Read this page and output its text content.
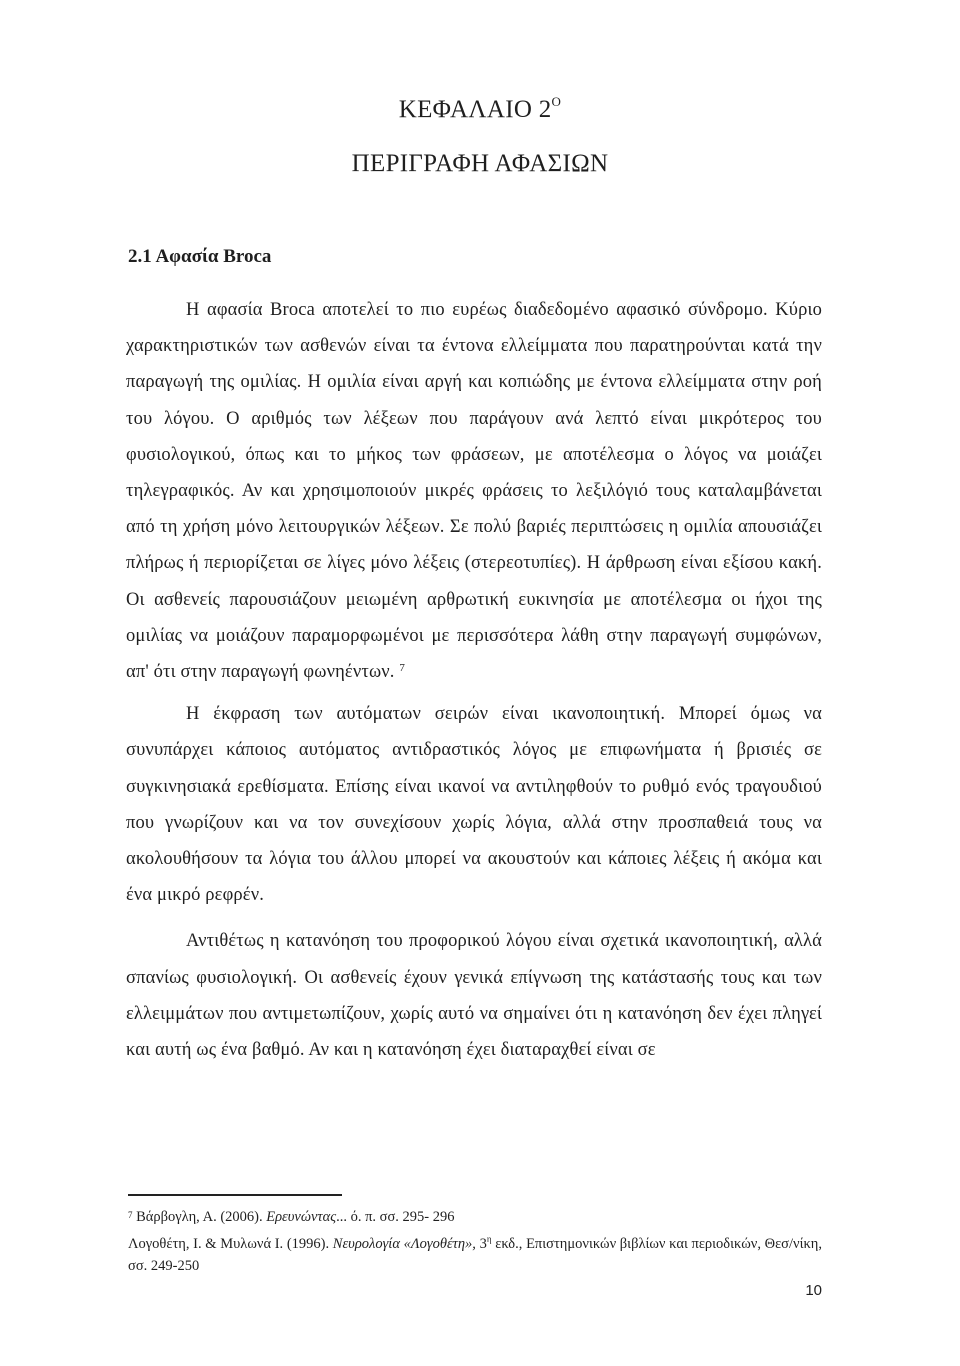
ΚΕΦΑΛΑΙΟ $2^O$
ΠΕΡΙΓΡΑΦΗ ΑΦΑΣΙΩΝ
2.1 Αφασία Broca

Η αφασία Broca αποτελεί το πιο ευρέως διαδεδομένο αφασικό σύνδρομο. Κύριο χαρακτηριστικών των ασθενών είναι τα έντονα ελλείμματα που παρατηρούνται κατά την παραγωγή της ομιλίας. Η ομιλία είναι αργή και κοπιώδης με έντονα ελλείμματα στην ροή του λόγου. Ο αριθμός των λέξεων που παράγουν ανά λεπτό είναι μικρότερος του φυσιολογικού, όπως και το μήκος των φράσεων, με αποτέλεσμα ο λόγος να μοιάζει τηλεγραφικός. Αν και χρησιμοποιούν μικρές φράσεις το λεξιλόγιό τους καταλαμβάνεται από τη χρήση μόνο λειτουργικών λέξεων. Σε πολύ βαριές περιπτώσεις η ομιλία απουσιάζει πλήρως ή περιορίζεται σε λίγες μόνο λέξεις (στερεοτυπίες). Η άρθρωση είναι εξίσου κακή. Οι ασθενείς παρουσιάζουν μειωμένη αρθρωτική ευκινησία με αποτέλεσμα οι ήχοι της ομιλίας να μοιάζουν παραμορφωμένοι με περισσότερα λάθη στην παραγωγή συμφώνων, απ' ότι στην παραγωγή φωνηέντων. $^7$

Η έκφραση των αυτόματων σειρών είναι ικανοποιητική. Μπορεί όμως να συνυπάρχει κάποιος αυτόματος αντιδραστικός λόγος με επιφωνήματα ή βρισιές σε συγκινησιακά ερεθίσματα. Επίσης είναι ικανοί να αντιληφθούν το ρυθμό ενός τραγουδιού που γνωρίζουν και να τον συνεχίσουν χωρίς λόγια, αλλά στην προσπαθειά τους να ακολουθήσουν τα λόγια του άλλου μπορεί να ακουστούν και κάποιες λέξεις ή ακόμα και ένα μικρό ρεφρέν.

Αντιθέτως η κατανόηση του προφορικού λόγου είναι σχετικά ικανοποιητική, αλλά σπανίως φυσιολογική. Οι ασθενείς έχουν γενικά επίγνωση της κατάστασής τους και των ελλειμμάτων που αντιμετωπίζουν, χωρίς αυτό να σημαίνει ότι η κατανόηση δεν έχει πληγεί και αυτή ως ένα βαθμό. Αν και η κατανόηση έχει διαταραχθεί είναι σε

$^7$ Βάρβογλη, Α. (2006). Ερευνώντας... ό. π. σσ. 295- 296

Λογοθέτη, Ι. & Μυλωνά Ι. (1996). Νευρολογία «Λογοθέτη», $3^\eta$ εκδ., Επιστημονικών βιβλίων και περιοδικών, Θεσ/νίκη, σσ. 249-250

10
